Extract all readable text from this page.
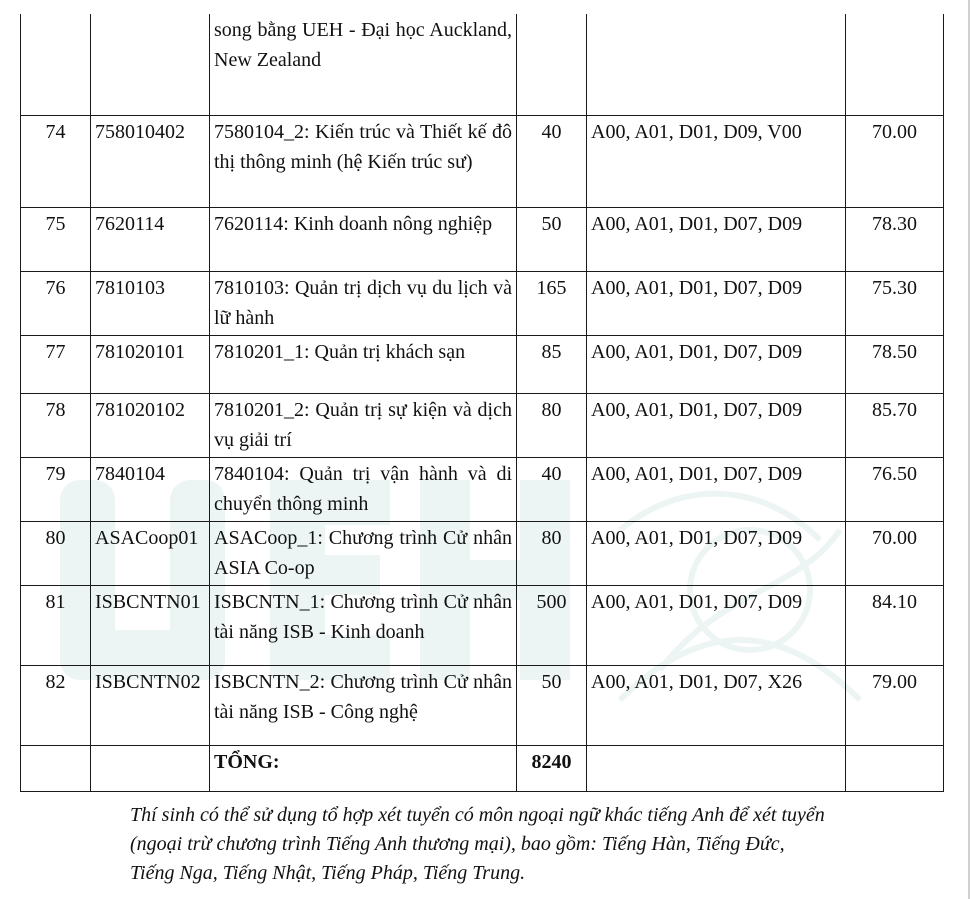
		song bằng UEH - Đại học Auckland, New Zealand			
74	758010402	7580104_2: Kiến trúc và Thiết kế đô thị thông minh (hệ Kiến trúc sư)	40	A00, A01, D01, D09, V00	70.00
75	7620114	7620114: Kinh doanh nông nghiệp	50	A00, A01, D01, D07, D09	78.30
76	7810103	7810103: Quản trị dịch vụ du lịch và lữ hành	165	A00, A01, D01, D07, D09	75.30
77	781020101	7810201_1: Quản trị khách sạn	85	A00, A01, D01, D07, D09	78.50
78	781020102	7810201_2: Quản trị sự kiện và dịch vụ giải trí	80	A00, A01, D01, D07, D09	85.70
79	7840104	7840104: Quản trị vận hành và di chuyển thông minh	40	A00, A01, D01, D07, D09	76.50
80	ASACoop01	ASACoop_1: Chương trình Cử nhân ASIA Co-op	80	A00, A01, D01, D07, D09	70.00
81	ISBCNTN01	ISBCNTN_1: Chương trình Cử nhân tài năng ISB - Kinh doanh	500	A00, A01, D01, D07, D09	84.10
82	ISBCNTN02	ISBCNTN_2: Chương trình Cử nhân tài năng ISB - Công nghệ	50	A00, A01, D01, D07, X26	79.00
		TỔNG:	8240		

Thí sinh có thể sử dụng tổ hợp xét tuyển có môn ngoại ngữ khác tiếng Anh để xét tuyển (ngoại trừ chương trình Tiếng Anh thương mại), bao gồm: Tiếng Hàn, Tiếng Đức, Tiếng Nga, Tiếng Nhật, Tiếng Pháp, Tiếng Trung.
